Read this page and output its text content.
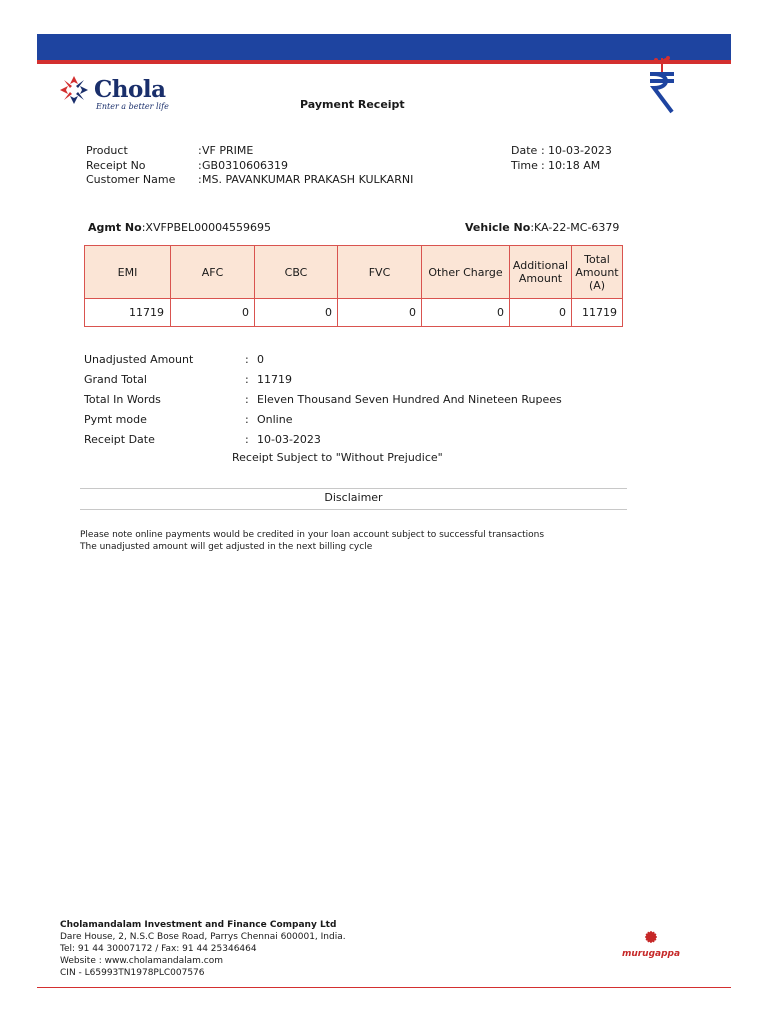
Chola
Enter a better life	Payment Receipt
Product	: VF PRIME
Receipt No	: GB0310606319
Customer Name	: MS. PAVANKUMAR PRAKASH KULKARNI
Date : 10-03-2023
Time : 10:18 AM
Agmt No:XVFPBEL00004559695	Vehicle No:KA-22-MC-6379
EMI	AFC	CBC	FVC	Other Charge	Additional Amount	Total Amount (A)
11719	0	0	0	0	0	11719
Unadjusted Amount	: 0
Grand Total	: 11719
Total In Words	: Eleven Thousand Seven Hundred And Nineteen Rupees
Pymt mode	: Online
Receipt Date	: 10-03-2023
Receipt Subject to "Without Prejudice"
Disclaimer
Please note online payments would be credited in your loan account subject to successful transactions
The unadjusted amount will get adjusted in the next billing cycle
Cholamandalam Investment and Finance Company Ltd
Dare House, 2, N.S.C Bose Road, Parrys Chennai 600001, India.
Tel: 91 44 30007172 / Fax: 91 44 25346464
Website : www.cholamandalam.com
CIN - L65993TN1978PLC007576
murugappa
